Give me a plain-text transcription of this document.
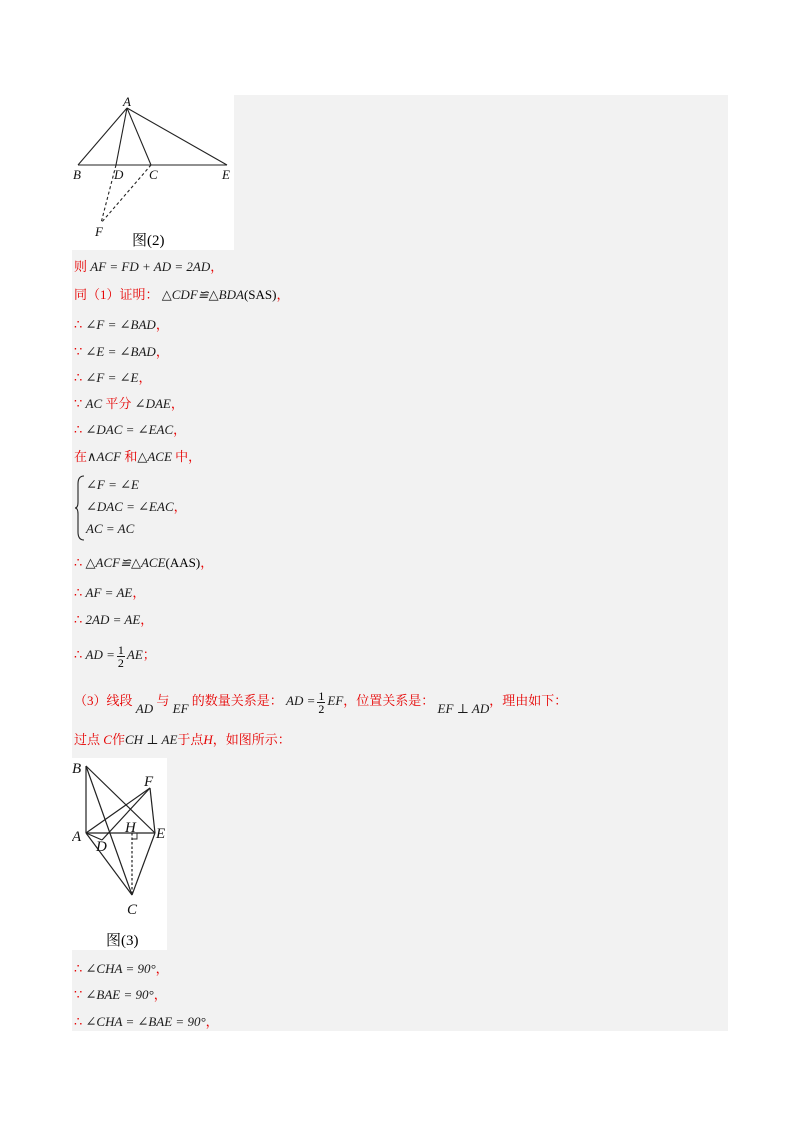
A
B	D C	E
F
图(2)
则 AF = FD + AD = 2AD，
同（1）证明： △CDF≌△BDA(SAS)，
∴ ∠F = ∠BAD，
∵ ∠E = ∠BAD，
∴ ∠F = ∠E，
∵ AC 平分 ∠DAE，
∴ ∠DAC = ∠EAC，
在∧ACF 和△ACE 中，
∠F = ∠E
∠DAC = ∠EAC，
AC = AC
∴ △ACF≌△ACE(AAS)，
∴ AF = AE，
∴ 2AD = AE，
∴ AD = $\frac{1}{2}$ AE；
（3）线段 AD 与 EF 的数量关系是： AD = $\frac{1}{2}$ EF，位置关系是： EF ⊥ AD，理由如下：
过点 C作CH ⊥ AE于点H，如图所示：
B
F
A
H E
D
C
图(3)
∴ ∠CHA = 90°，
∵ ∠BAE = 90°，
∴ ∠CHA = ∠BAE = 90°，
